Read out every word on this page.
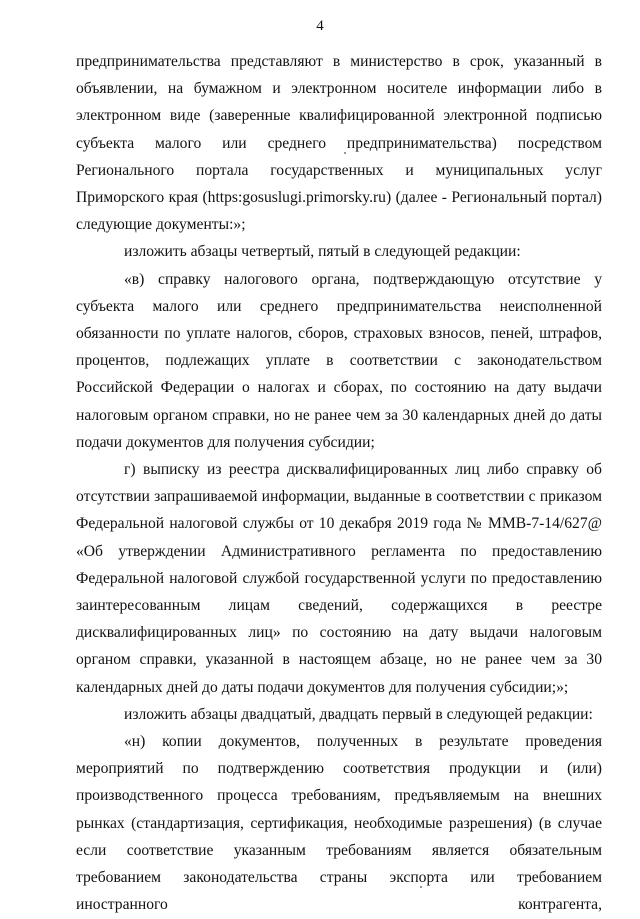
4

предпринимательства представляют в министерство в срок, указанный в объявлении, на бумажном и электронном носителе информации либо в электронном виде (заверенные квалифицированной электронной подписью субъекта малого или среднего предпринимательства) посредством Регионального портала государственных и муниципальных услуг Приморского края (https:gosuslugi.primorsky.ru) (далее - Региональный портал) следующие документы:»;

изложить абзацы четвертый, пятый в следующей редакции:

«в) справку налогового органа, подтверждающую отсутствие у субъекта малого или среднего предпринимательства неисполненной обязанности по уплате налогов, сборов, страховых взносов, пеней, штрафов, процентов, подлежащих уплате в соответствии с законодательством Российской Федерации о налогах и сборах, по состоянию на дату выдачи налоговым органом справки, но не ранее чем за 30 календарных дней до даты подачи документов для получения субсидии;

г) выписку из реестра дисквалифицированных лиц либо справку об отсутствии запрашиваемой информации, выданные в соответствии с приказом Федеральной налоговой службы от 10 декабря 2019 года № ММВ-7-14/627@ «Об утверждении Административного регламента по предоставлению Федеральной налоговой службой государственной услуги по предоставлению заинтересованным лицам сведений, содержащихся в реестре дисквалифицированных лиц» по состоянию на дату выдачи налоговым органом справки, указанной в настоящем абзаце, но не ранее чем за 30 календарных дней до даты подачи документов для получения субсидии;»;

изложить абзацы двадцатый, двадцать первый в следующей редакции:

«н) копии документов, полученных в результате проведения мероприятий по подтверждению соответствия продукции и (или) производственного процесса требованиям, предъявляемым на внешних рынках (стандартизация, сертификация, необходимые разрешения) (в случае если соответствие указанным требованиям является обязательным требованием законодательства страны экспорта или требованием иностранного контрагента,
